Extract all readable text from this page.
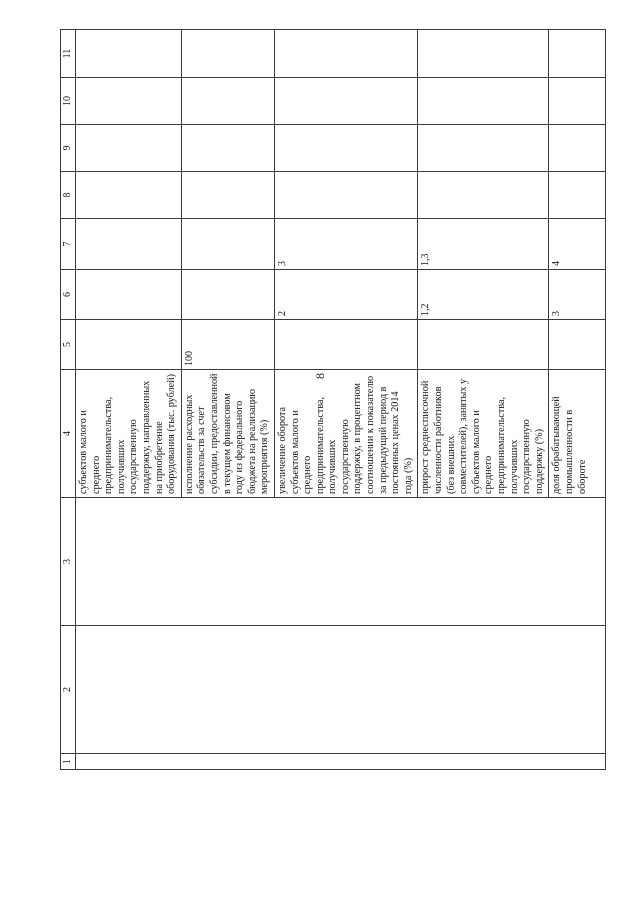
8
1	2	3	4	5	6	7	8	9	10	11
			субъектов малого и среднего предпринимательства, получивших государственную поддержку, направленных на приобретение оборудования (тыс. рублей)							
			исполнение расходных обязательств за счет субсидии, предоставленной в текущем финансовом году из федерального бюджета на реализацию мероприятия (%)	100						
			увеличение оборота субъектов малого и среднего предпринимательства, получивших государственную поддержку, в процентном соотношении к показателю за предыдущий период в постоянных ценах 2014 года (%)		2	3				
			прирост среднесписочной численности работников (без внешних совместителей), занятых у субъектов малого и среднего предпринимательства, получивших государственную поддержку (%)		1,2	1,3				
			доля обрабатывающей промышленности в обороте		3	4				
